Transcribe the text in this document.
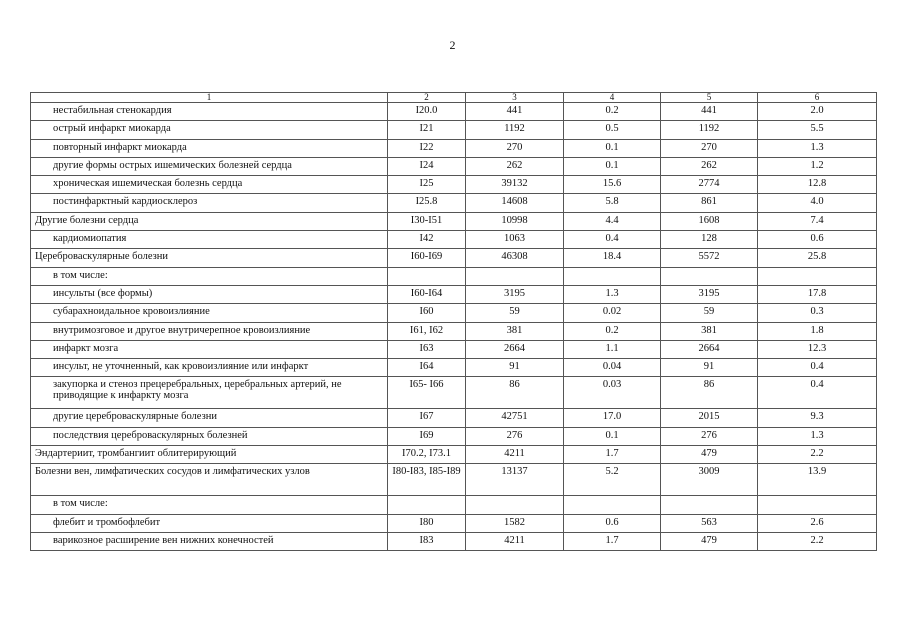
2
1	2	3	4	5	6
нестабильная стенокардия	I20.0	441	0.2	441	2.0
острый инфаркт миокарда	I21	1192	0.5	1192	5.5
повторный инфаркт миокарда	I22	270	0.1	270	1.3
другие формы острых ишемических болезней сердца	I24	262	0.1	262	1.2
хроническая ишемическая болезнь сердца	I25	39132	15.6	2774	12.8
постинфарктный кардиосклероз	I25.8	14608	5.8	861	4.0
Другие болезни сердца	I30-I51	10998	4.4	1608	7.4
кардиомиопатия	I42	1063	0.4	128	0.6
Цереброваскулярные болезни	I60-I69	46308	18.4	5572	25.8
в том числе:					
инсульты (все формы)	I60-I64	3195	1.3	3195	17.8
субарахноидальное кровоизлияние	I60	59	0.02	59	0.3
внутримозговое и другое внутричерепное кровоизлияние	I61, I62	381	0.2	381	1.8
инфаркт мозга	I63	2664	1.1	2664	12.3
инсульт, не уточненный, как кровоизлияние или инфаркт	I64	91	0.04	91	0.4
закупорка и стеноз прецеребральных, церебральных артерий, не приводящие к инфаркту мозга	I65- I66	86	0.03	86	0.4
другие цереброваскулярные болезни	I67	42751	17.0	2015	9.3
последствия цереброваскулярных болезней	I69	276	0.1	276	1.3
Эндартериит, тромбангиит облитерирующий	I70.2, I73.1	4211	1.7	479	2.2
Болезни вен, лимфатических сосудов и лимфатических узлов	I80-I83, I85-I89	13137	5.2	3009	13.9
в том числе:					
флебит и тромбофлебит	I80	1582	0.6	563	2.6
варикозное расширение вен нижних конечностей	I83	4211	1.7	479	2.2
